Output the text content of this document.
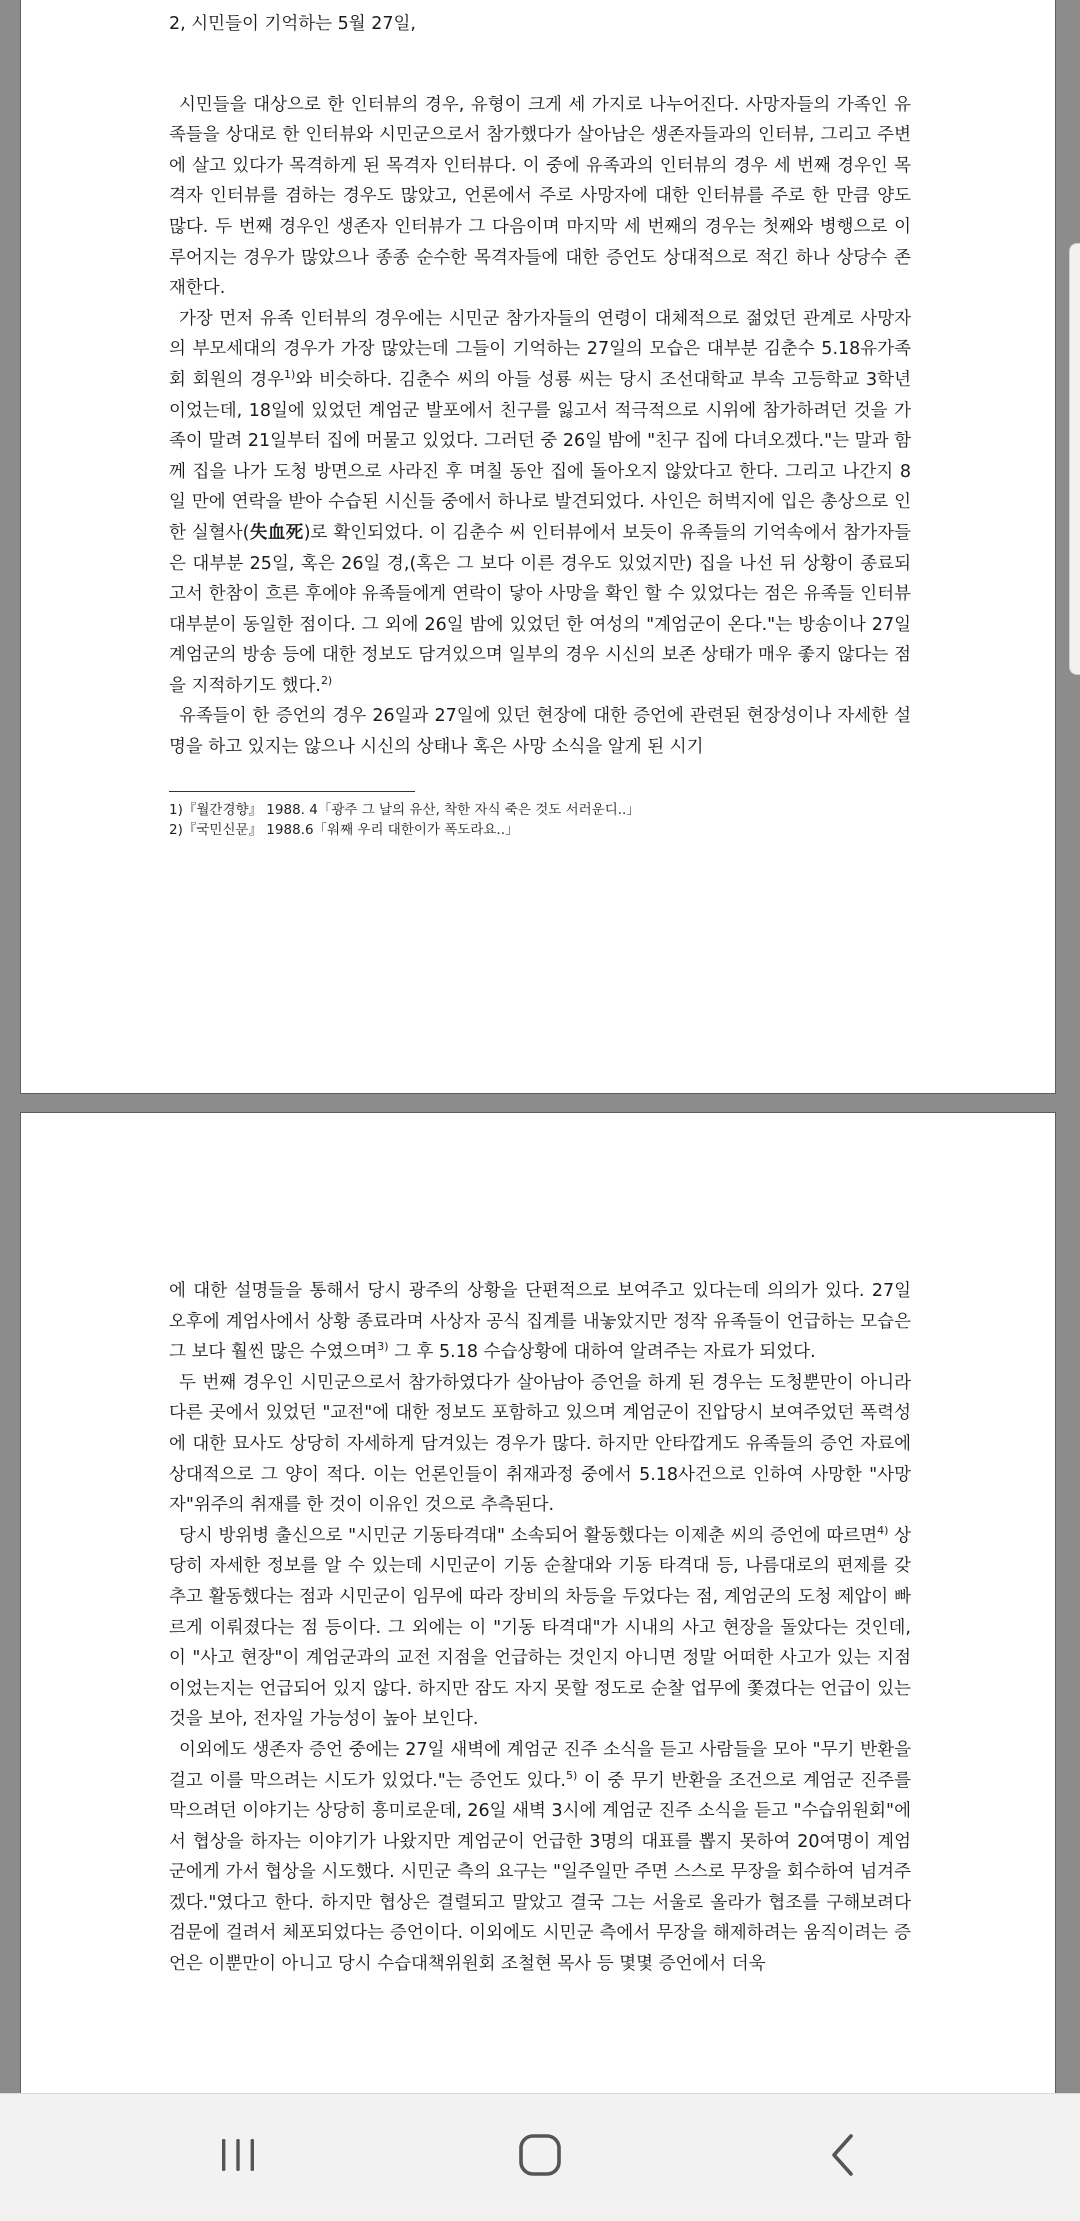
2, 시민들이 기억하는 5월 27일,

시민들을 대상으로 한 인터뷰의 경우, 유형이 크게 세 가지로 나누어진다. 사망자들의 가족인 유족들을 상대로 한 인터뷰와 시민군으로서 참가했다가 살아남은 생존자들과의 인터뷰, 그리고 주변에 살고 있다가 목격하게 된 목격자 인터뷰다. 이 중에 유족과의 인터뷰의 경우 세 번째 경우인 목격자 인터뷰를 겸하는 경우도 많았고, 언론에서 주로 사망자에 대한 인터뷰를 주로 한 만큼 양도 많다. 두 번째 경우인 생존자 인터뷰가 그 다음이며 마지막 세 번째의 경우는 첫째와 병행으로 이루어지는 경우가 많았으나 종종 순수한 목격자들에 대한 증언도 상대적으로 적긴 하나 상당수 존재한다.

가장 먼저 유족 인터뷰의 경우에는 시민군 참가자들의 연령이 대체적으로 젊었던 관계로 사망자의 부모세대의 경우가 가장 많았는데 그들이 기억하는 27일의 모습은 대부분 김춘수 5.18유가족회 회원의 경우$^{1)}$와 비슷하다. 김춘수 씨의 아들 성룡 씨는 당시 조선대학교 부속 고등학교 3학년이었는데, 18일에 있었던 계엄군 발포에서 친구를 잃고서 적극적으로 시위에 참가하려던 것을 가족이 말려 21일부터 집에 머물고 있었다. 그러던 중 26일 밤에 "친구 집에 다녀오겠다."는 말과 함께 집을 나가 도청 방면으로 사라진 후 며칠 동안 집에 돌아오지 않았다고 한다. 그리고 나간지 8일 만에 연락을 받아 수습된 시신들 중에서 하나로 발견되었다. 사인은 허벅지에 입은 총상으로 인한 실혈사(失血死)로 확인되었다. 이 김춘수 씨 인터뷰에서 보듯이 유족들의 기억속에서 참가자들은 대부분 25일, 혹은 26일 경,(혹은 그 보다 이른 경우도 있었지만) 집을 나선 뒤 상황이 종료되고서 한참이 흐른 후에야 유족들에게 연락이 닿아 사망을 확인 할 수 있었다는 점은 유족들 인터뷰 대부분이 동일한 점이다. 그 외에 26일 밤에 있었던 한 여성의 "계엄군이 온다."는 방송이나 27일 계엄군의 방송 등에 대한 정보도 담겨있으며 일부의 경우 시신의 보존 상태가 매우 좋지 않다는 점을 지적하기도 했다.$^{2)}$

유족들이 한 증언의 경우 26일과 27일에 있던 현장에 대한 증언에 관련된 현장성이나 자세한 설명을 하고 있지는 않으나 시신의 상태나 혹은 사망 소식을 알게 된 시기

1)『월간경향』 1988. 4「광주 그 날의 유산, 착한 자식 죽은 것도 서러운디..」
2)『국민신문』 1988.6「워째 우리 대한이가 폭도라요..」

에 대한 설명들을 통해서 당시 광주의 상황을 단편적으로 보여주고 있다는데 의의가 있다. 27일 오후에 계엄사에서 상황 종료라며 사상자 공식 집계를 내놓았지만 정작 유족들이 언급하는 모습은 그 보다 훨씬 많은 수였으며$^{3)}$ 그 후 5.18 수습상황에 대하여 알려주는 자료가 되었다.

두 번째 경우인 시민군으로서 참가하였다가 살아남아 증언을 하게 된 경우는 도청뿐만이 아니라 다른 곳에서 있었던 "교전"에 대한 정보도 포함하고 있으며 계엄군이 진압당시 보여주었던 폭력성에 대한 묘사도 상당히 자세하게 담겨있는 경우가 많다. 하지만 안타깝게도 유족들의 증언 자료에 상대적으로 그 양이 적다. 이는 언론인들이 취재과정 중에서 5.18사건으로 인하여 사망한 "사망자"위주의 취재를 한 것이 이유인 것으로 추측된다.

당시 방위병 출신으로 "시민군 기동타격대" 소속되어 활동했다는 이제춘 씨의 증언에 따르면$^{4)}$ 상당히 자세한 정보를 알 수 있는데 시민군이 기동 순찰대와 기동 타격대 등, 나름대로의 편제를 갖추고 활동했다는 점과 시민군이 임무에 따라 장비의 차등을 두었다는 점, 계엄군의 도청 제압이 빠르게 이뤄졌다는 점 등이다. 그 외에는 이 "기동 타격대"가 시내의 사고 현장을 돌았다는 것인데, 이 "사고 현장"이 계엄군과의 교전 지점을 언급하는 것인지 아니면 정말 어떠한 사고가 있는 지점이었는지는 언급되어 있지 않다. 하지만 잠도 자지 못할 정도로 순찰 업무에 쫓겼다는 언급이 있는 것을 보아, 전자일 가능성이 높아 보인다.

이외에도 생존자 증언 중에는 27일 새벽에 계엄군 진주 소식을 듣고 사람들을 모아 "무기 반환을 걸고 이를 막으려는 시도가 있었다."는 증언도 있다.$^{5)}$ 이 중 무기 반환을 조건으로 계엄군 진주를 막으려던 이야기는 상당히 흥미로운데, 26일 새벽 3시에 계엄군 진주 소식을 듣고 "수습위원회"에서 협상을 하자는 이야기가 나왔지만 계엄군이 언급한 3명의 대표를 뽑지 못하여 20여명이 계엄군에게 가서 협상을 시도했다. 시민군 측의 요구는 "일주일만 주면 스스로 무장을 회수하여 넘겨주겠다."였다고 한다. 하지만 협상은 결렬되고 말았고 결국 그는 서울로 올라가 협조를 구해보려다 검문에 걸려서 체포되었다는 증언이다. 이외에도 시민군 측에서 무장을 해제하려는 움직이려는 증언은 이뿐만이 아니고 당시 수습대책위원회 조철현 목사 등 몇몇 증언에서 더욱
